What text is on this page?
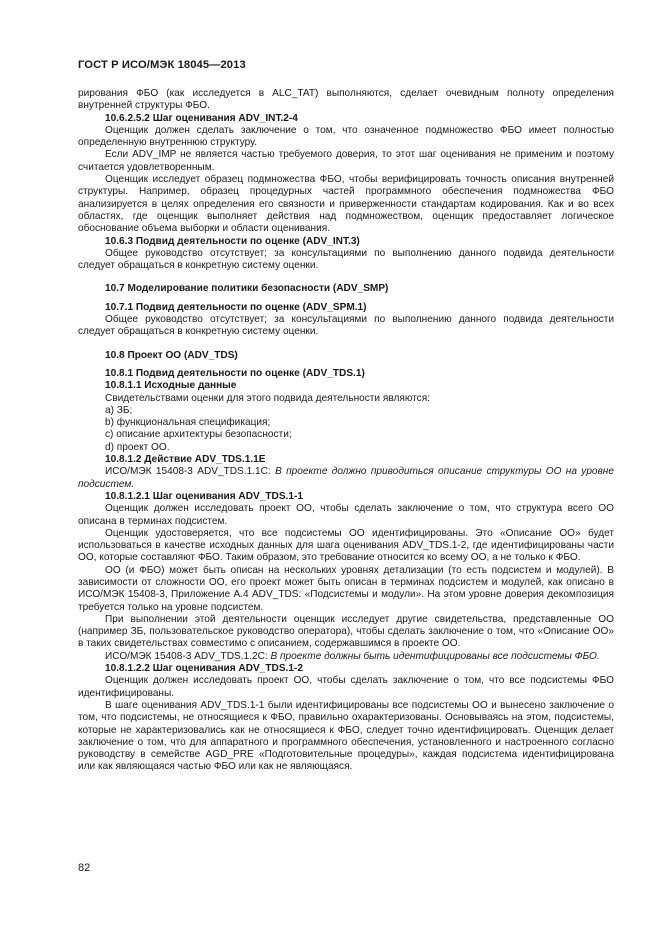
ГОСТ Р ИСО/МЭК 18045—2013

рирования ФБО (как исследуется в ALC_TAT) выполняются, сделает очевидным полноту определения внутренней структуры ФБО.

10.6.2.5.2 Шаг оценивания ADV_INT.2-4

Оценщик должен сделать заключение о том, что означенное подмножество ФБО имеет полностью определенную внутреннюю структуру.

Если ADV_IMP не является частью требуемого доверия, то этот шаг оценивания не применим и поэтому считается удовлетворенным.

Оценщик исследует образец подмножества ФБО, чтобы верифицировать точность описания внутренней структуры. Например, образец процедурных частей программного обеспечения подмножества ФБО анализируется в целях определения его связности и приверженности стандартам кодирования. Как и во всех областях, где оценщик выполняет действия над подмножеством, оценщик предоставляет логическое обоснование объема выборки и области оценивания.

10.6.3 Подвид деятельности по оценке (ADV_INT.3)

Общее руководство отсутствует; за консультациями по выполнению данного подвида деятельности следует обращаться в конкретную систему оценки.

10.7 Моделирование политики безопасности (ADV_SMP)

10.7.1 Подвид деятельности по оценке (ADV_SPM.1)

Общее руководство отсутствует; за консультациями по выполнению данного подвида деятельности следует обращаться в конкретную систему оценки.

10.8 Проект ОО (ADV_TDS)

10.8.1 Подвид деятельности по оценке (ADV_TDS.1)

10.8.1.1 Исходные данные

Свидетельствами оценки для этого подвида деятельности являются:

a) ЗБ;

b) функциональная спецификация;

c) описание архитектуры безопасности;

d) проект ОО.

10.8.1.2 Действие ADV_TDS.1.1E

ИСО/МЭК 15408-3 ADV_TDS.1.1C: В проекте должно приводиться описание структуры ОО на уровне подсистем.

10.8.1.2.1 Шаг оценивания ADV_TDS.1-1

Оценщик должен исследовать проект ОО, чтобы сделать заключение о том, что структура всего ОО описана в терминах подсистем.

Оценщик удостоверяется, что все подсистемы ОО идентифицированы. Это «Описание ОО» будет использоваться в качестве исходных данных для шага оценивания ADV_TDS.1-2, где идентифицированы части ОО, которые составляют ФБО. Таким образом, это требование относится ко всему ОО, а не только к ФБО.

ОО (и ФБО) может быть описан на нескольких уровнях детализации (то есть подсистем и модулей). В зависимости от сложности ОО, его проект может быть описан в терминах подсистем и модулей, как описано в ИСО/МЭК 15408-3, Приложение А.4 ADV_TDS: «Подсистемы и модули». На этом уровне доверия декомпозиция требуется только на уровне подсистем.

При выполнении этой деятельности оценщик исследует другие свидетельства, представленные ОО (например ЗБ, пользовательское руководство оператора), чтобы сделать заключение о том, что «Описание ОО» в таких свидетельствах совместимо с описанием, содержавшимся в проекте ОО.

ИСО/МЭК 15408-3 ADV_TDS.1.2C: В проекте должны быть идентифицированы все подсистемы ФБО.

10.8.1.2.2 Шаг оценивания ADV_TDS.1-2

Оценщик должен исследовать проект ОО, чтобы сделать заключение о том, что все подсистемы ФБО идентифицированы.

В шаге оценивания ADV_TDS.1-1 были идентифицированы все подсистемы ОО и вынесено заключение о том, что подсистемы, не относящиеся к ФБО, правильно охарактеризованы. Основываясь на этом, подсистемы, которые не характеризовались как не относящиеся к ФБО, следует точно идентифицировать. Оценщик делает заключение о том, что для аппаратного и программного обеспечения, установленного и настроенного согласно руководству в семействе AGD_PRE «Подготовительные процедуры», каждая подсистема идентифицирована или как являющаяся частью ФБО или как не являющаяся.

82
